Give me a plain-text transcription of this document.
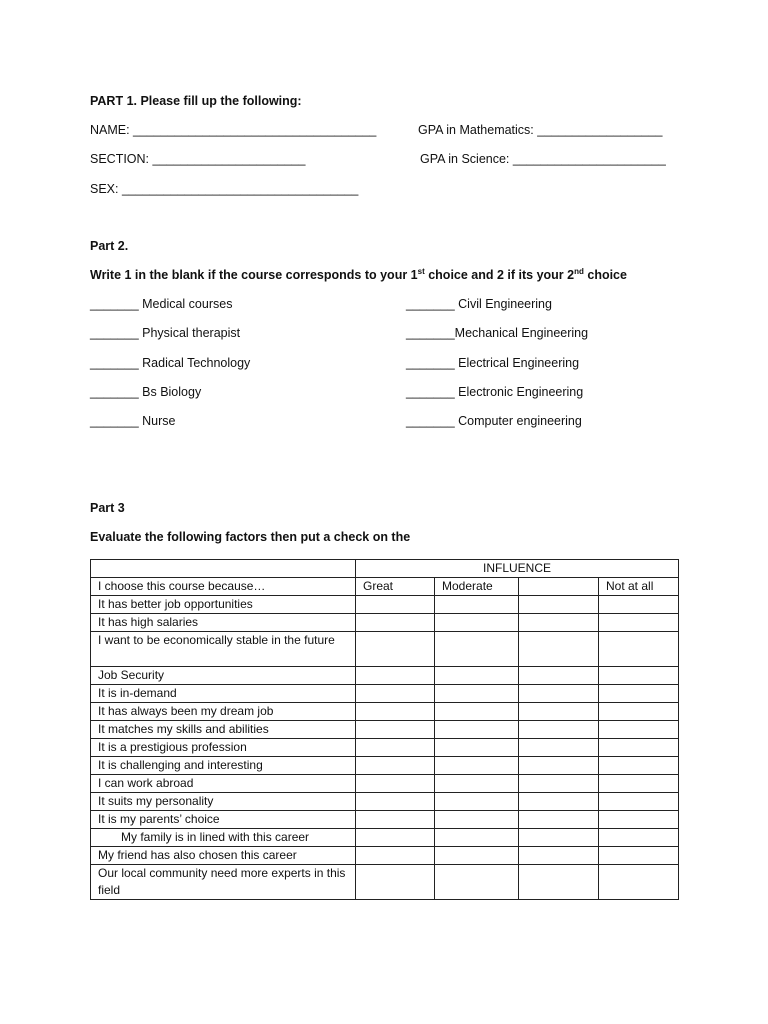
PART 1. Please fill up the following:
NAME: ___________________________________	GPA in Mathematics: __________________
SECTION: ______________________	GPA in Science: ______________________
SEX: __________________________________
Part 2.
Write 1 in the blank if the course corresponds to your 1st choice and 2 if its your 2nd choice
_______ Medical courses
_______ Physical therapist
_______ Radical Technology
_______ Bs Biology
_______ Nurse
_______ Civil Engineering
_______Mechanical Engineering
_______ Electrical Engineering
_______ Electronic Engineering
_______ Computer engineering
Part 3
Evaluate the following factors then put a check on the
	INFLUENCE			
I choose this course because…	Great	Moderate		Not at all
It has better job opportunities				
It has high salaries				
I want to be economically stable in the future				
Job Security				
It is in-demand				
It has always been my dream job				
It matches my skills and abilities				
It is a prestigious profession				
It is challenging and interesting				
I can work abroad				
It suits my personality				
It is my parents’ choice				
My family is in lined with this career				
My friend has also chosen this career				
Our local community need more experts in this field				
